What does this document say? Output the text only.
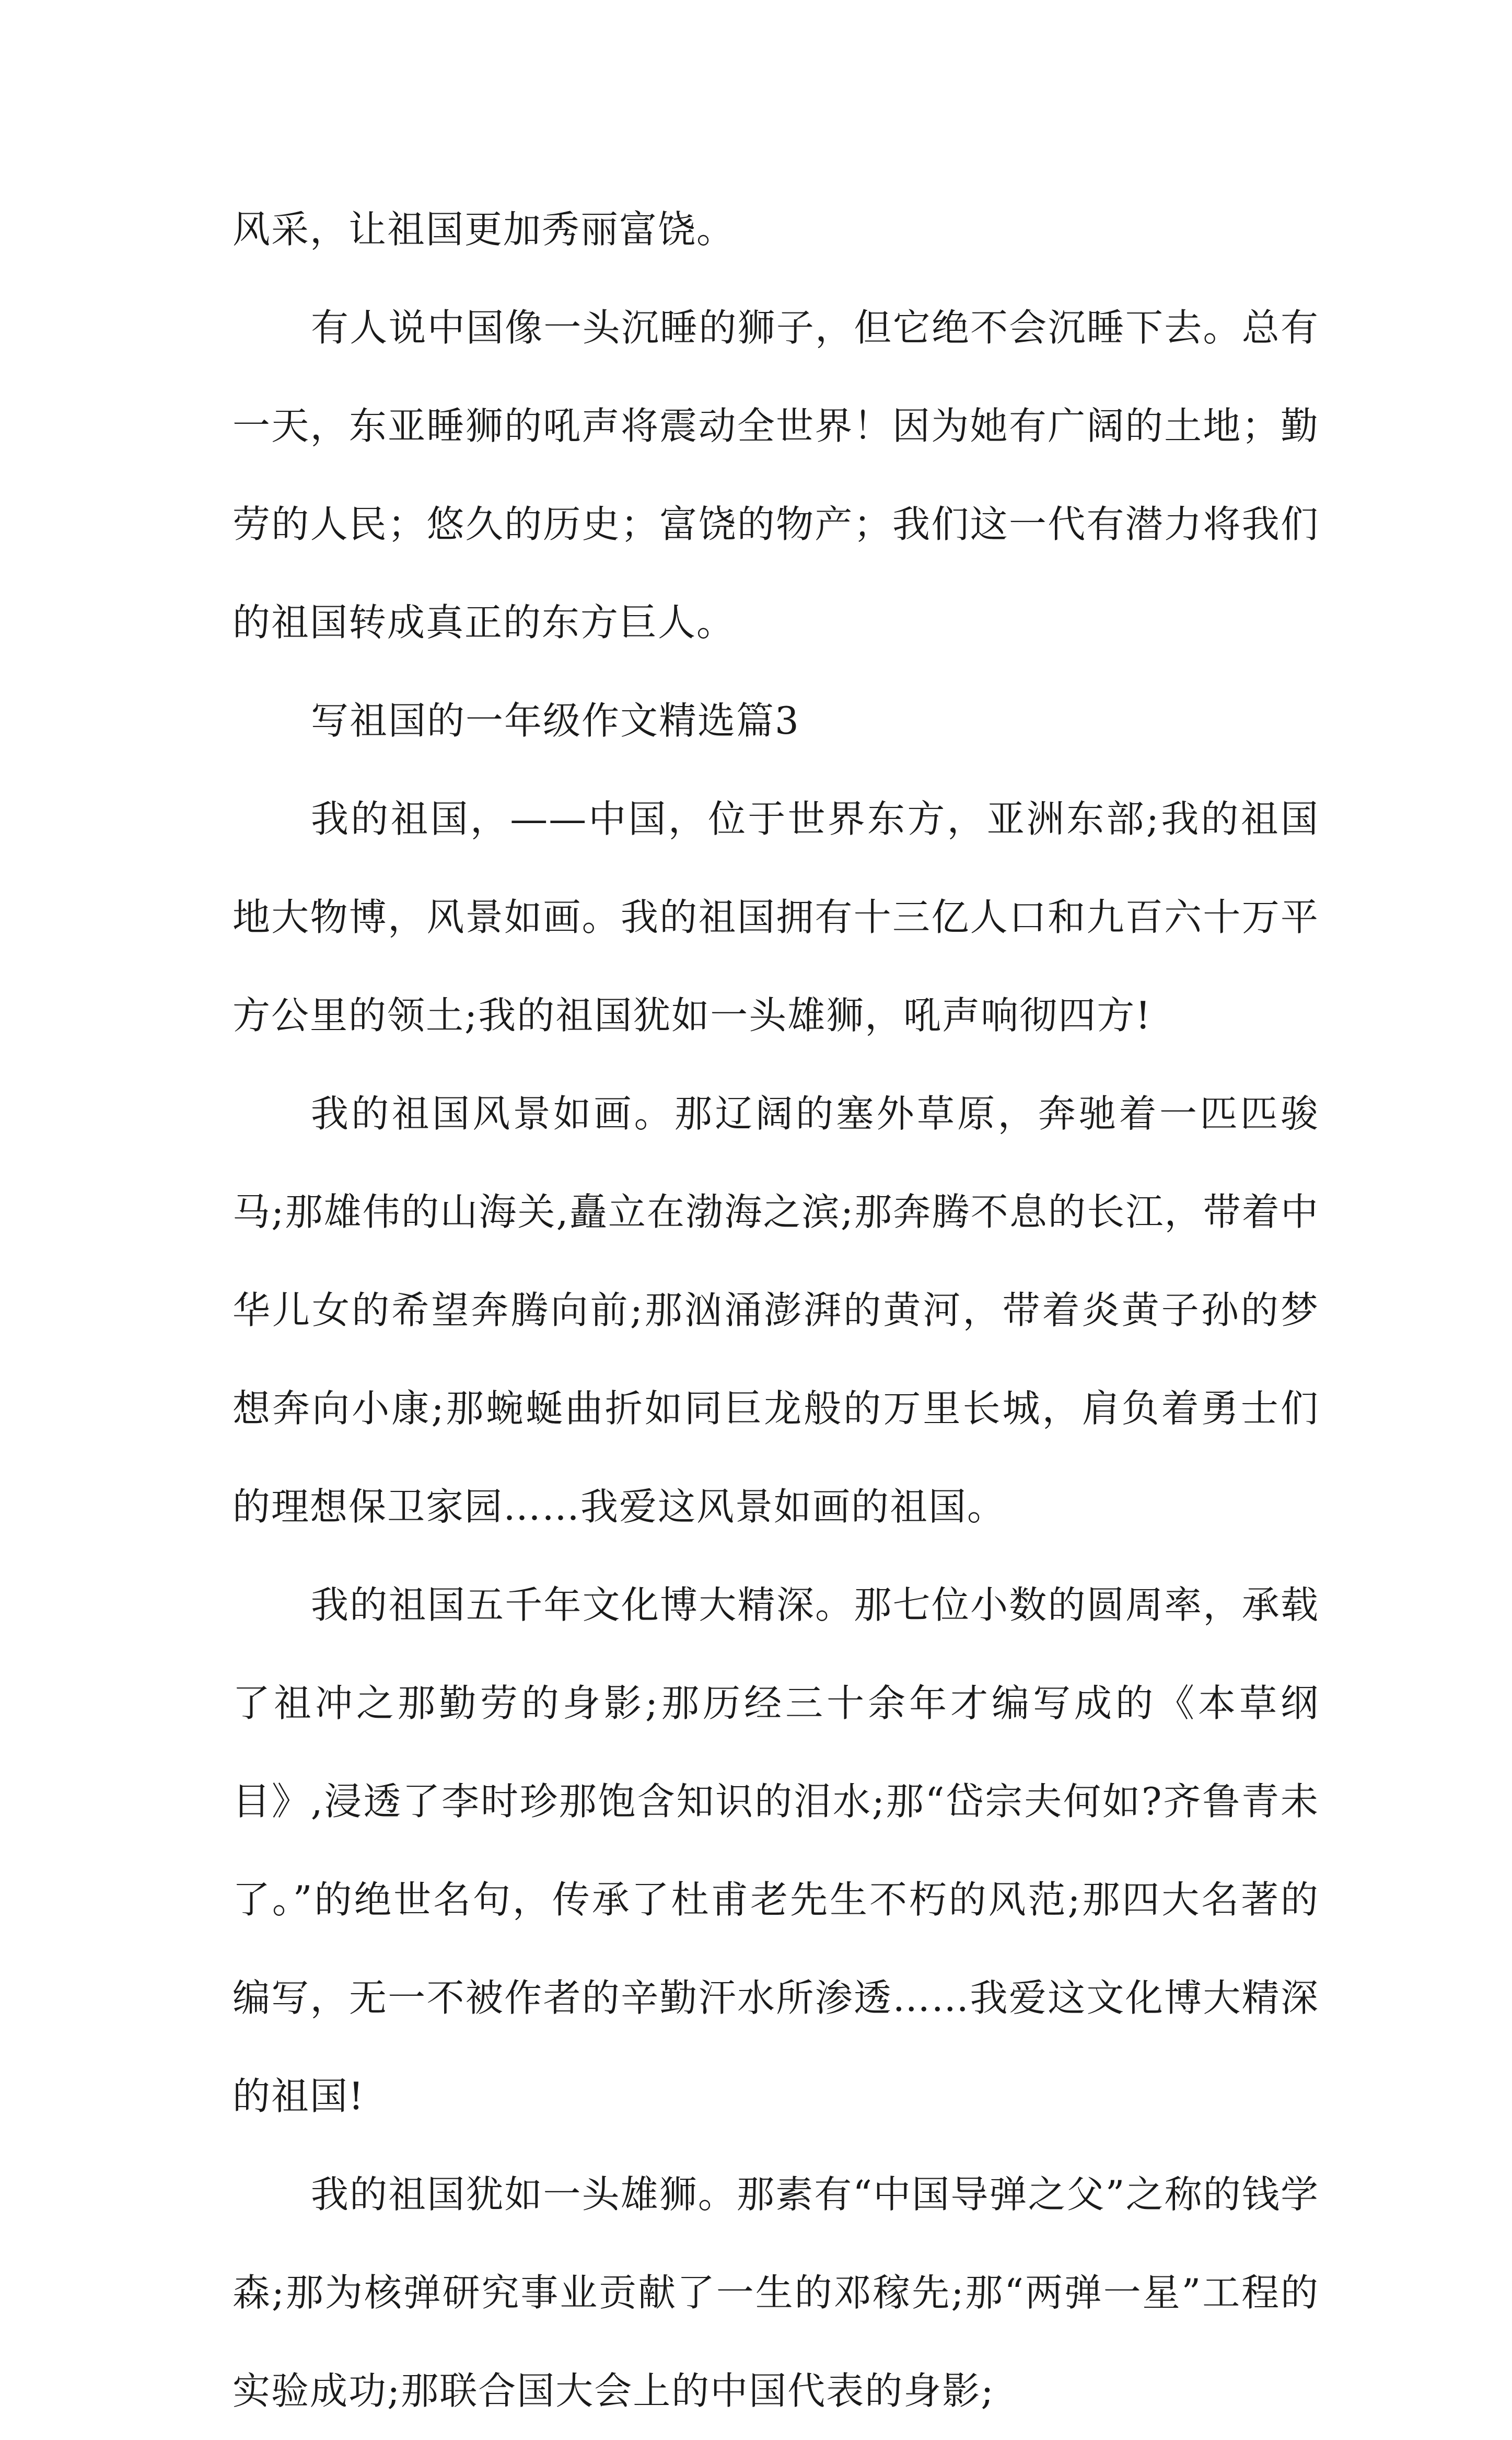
风采，让祖国更加秀丽富饶。

有人说中国像一头沉睡的狮子，但它绝不会沉睡下去。总有一天，东亚睡狮的吼声将震动全世界！因为她有广阔的土地；勤劳的人民；悠久的历史；富饶的物产；我们这一代有潜力将我们的祖国转成真正的东方巨人。

写祖国的一年级作文精选篇3

我的祖国，——中国，位于世界东方，亚洲东部;我的祖国地大物博，风景如画。我的祖国拥有十三亿人口和九百六十万平方公里的领土;我的祖国犹如一头雄狮，吼声响彻四方!

我的祖国风景如画。那辽阔的塞外草原，奔驰着一匹匹骏马;那雄伟的山海关,矗立在渤海之滨;那奔腾不息的长江，带着中华儿女的希望奔腾向前;那汹涌澎湃的黄河，带着炎黄子孙的梦想奔向小康;那蜿蜒曲折如同巨龙般的万里长城，肩负着勇士们的理想保卫家园……我爱这风景如画的祖国。

我的祖国五千年文化博大精深。那七位小数的圆周率，承载了祖冲之那勤劳的身影;那历经三十余年才编写成的《本草纲目》,浸透了李时珍那饱含知识的泪水;那“岱宗夫何如?齐鲁青未了。”的绝世名句，传承了杜甫老先生不朽的风范;那四大名著的编写，无一不被作者的辛勤汗水所渗透……我爱这文化博大精深的祖国!

我的祖国犹如一头雄狮。那素有“中国导弹之父”之称的钱学森;那为核弹研究事业贡献了一生的邓稼先;那“两弹一星”工程的实验成功;那联合国大会上的中国代表的身影;
